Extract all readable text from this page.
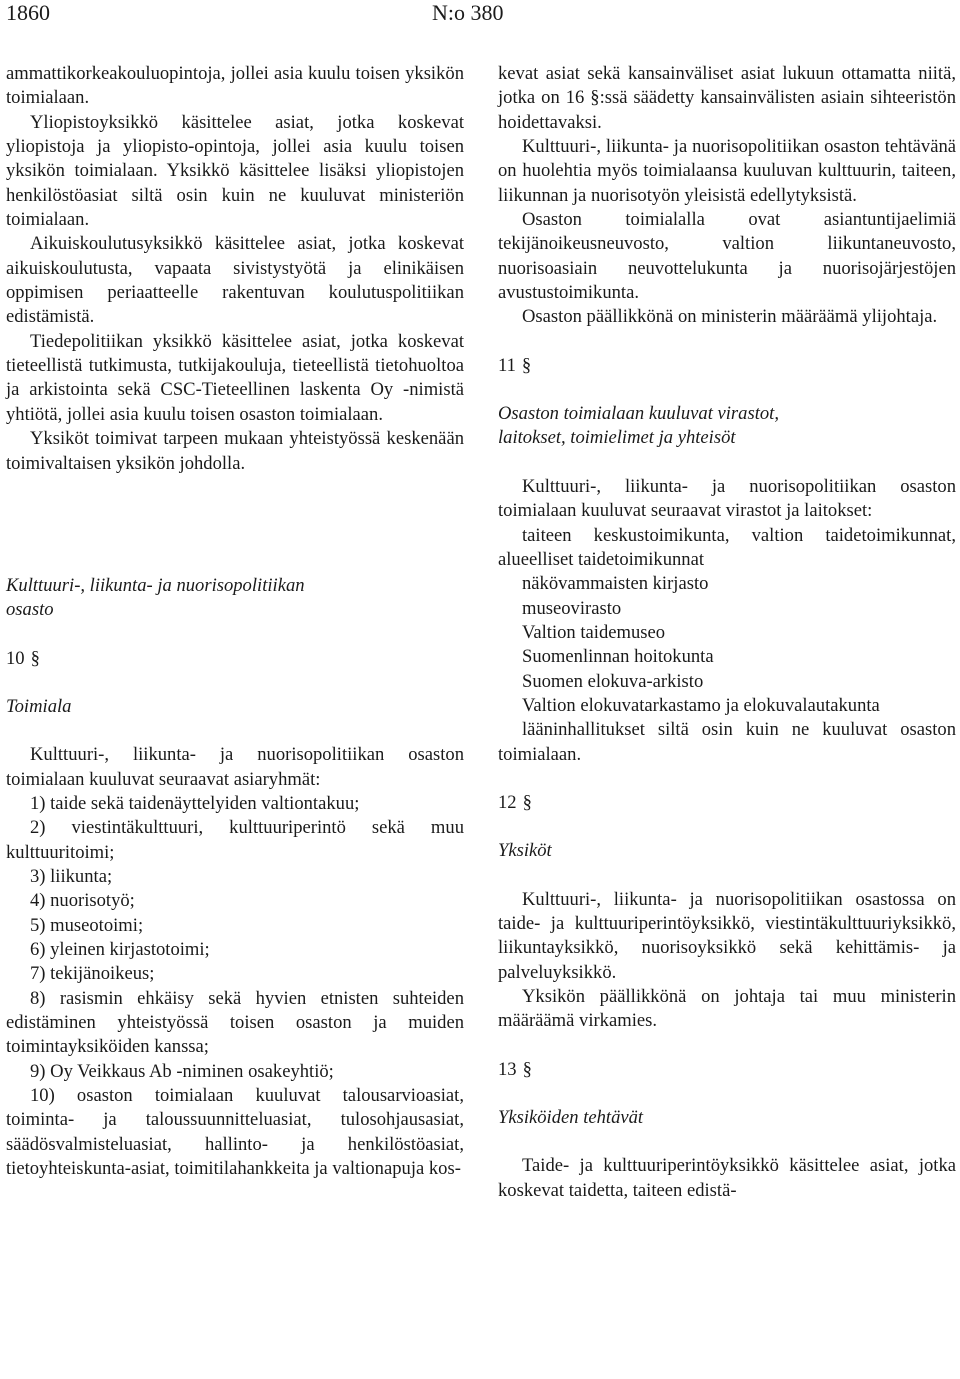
1860	N:o 380

ammattikorkeakouluopintoja, jollei asia kuulu toisen yksikön toimialaan.

Yliopistoyksikkö käsittelee asiat, jotka koskevat yliopistoja ja yliopisto-opintoja, jollei asia kuulu toisen yksikön toimialaan. Yksikkö käsittelee lisäksi yliopistojen henkilöstöasiat siltä osin kuin ne kuuluvat ministeriön toimialaan.

Aikuiskoulutusyksikkö käsittelee asiat, jotka koskevat aikuiskoulutusta, vapaata sivistystyötä ja elinikäisen oppimisen periaatteelle rakentuvan koulutuspolitiikan edistämistä.

Tiedepolitiikan yksikkö käsittelee asiat, jotka koskevat tieteellistä tutkimusta, tutkijakouluja, tieteellistä tietohuoltoa ja arkistointa sekä CSC-Tieteellinen laskenta Oy -nimistä yhtiötä, jollei asia kuulu toisen osaston toimialaan.

Yksiköt toimivat tarpeen mukaan yhteistyössä keskenään toimivaltaisen yksikön johdolla.

Kulttuuri-, liikunta- ja nuorisopolitiikan

osasto

10 §

Toimiala

Kulttuuri-, liikunta- ja nuorisopolitiikan osaston toimialaan kuuluvat seuraavat asiaryhmät:

1) taide sekä taidenäyttelyiden valtiontakuu;

2) viestintäkulttuuri, kulttuuriperintö sekä muu kulttuuritoimi;

3) liikunta;

4) nuorisotyö;

5) museotoimi;

6) yleinen kirjastotoimi;

7) tekijänoikeus;

8) rasismin ehkäisy sekä hyvien etnisten suhteiden edistäminen yhteistyössä toisen osaston ja muiden toimintayksiköiden kanssa;

9) Oy Veikkaus Ab -niminen osakeyhtiö;

10) osaston toimialaan kuuluvat talousarvioasiat, toiminta- ja taloussuunnitteluasiat, tulosohjausasiat, säädösvalmisteluasiat, hallinto- ja henkilöstöasiat, tietoyhteiskunta-asiat, toimitilahankkeita ja valtionapuja kos-

kevat asiat sekä kansainväliset asiat lukuun ottamatta niitä, jotka on 16 §:ssä säädetty kansainvälisten asiain sihteeristön hoidettavaksi.

Kulttuuri-, liikunta- ja nuorisopolitiikan osaston tehtävänä on huolehtia myös toimialaansa kuuluvan kulttuurin, taiteen, liikunnan ja nuorisotyön yleisistä edellytyksistä.

Osaston toimialalla ovat asiantuntijaelimiä tekijänoikeusneuvosto, valtion liikuntaneuvosto, nuorisoasiain neuvottelukunta ja nuorisojärjestöjen avustustoimikunta.

Osaston päällikkönä on ministerin määräämä ylijohtaja.

11 §

Osaston toimialaan kuuluvat virastot,

laitokset, toimielimet ja yhteisöt

Kulttuuri-, liikunta- ja nuorisopolitiikan osaston toimialaan kuuluvat seuraavat virastot ja laitokset:

taiteen keskustoimikunta, valtion taidetoimikunnat, alueelliset taidetoimikunnat

näkövammaisten kirjasto

museovirasto

Valtion taidemuseo

Suomenlinnan hoitokunta

Suomen elokuva-arkisto

Valtion elokuvatarkastamo ja elokuvalautakunta

lääninhallitukset siltä osin kuin ne kuuluvat osaston toimialaan.

12 §

Yksiköt

Kulttuuri-, liikunta- ja nuorisopolitiikan osastossa on taide- ja kulttuuriperintöyksikkö, viestintäkulttuuriyksikkö, liikuntayksikkö, nuorisoyksikkö sekä kehittämis- ja palveluyksikkö.

Yksikön päällikkönä on johtaja tai muu ministerin määräämä virkamies.

13 §

Yksiköiden tehtävät

Taide- ja kulttuuriperintöyksikkö käsittelee asiat, jotka koskevat taidetta, taiteen edistä-
